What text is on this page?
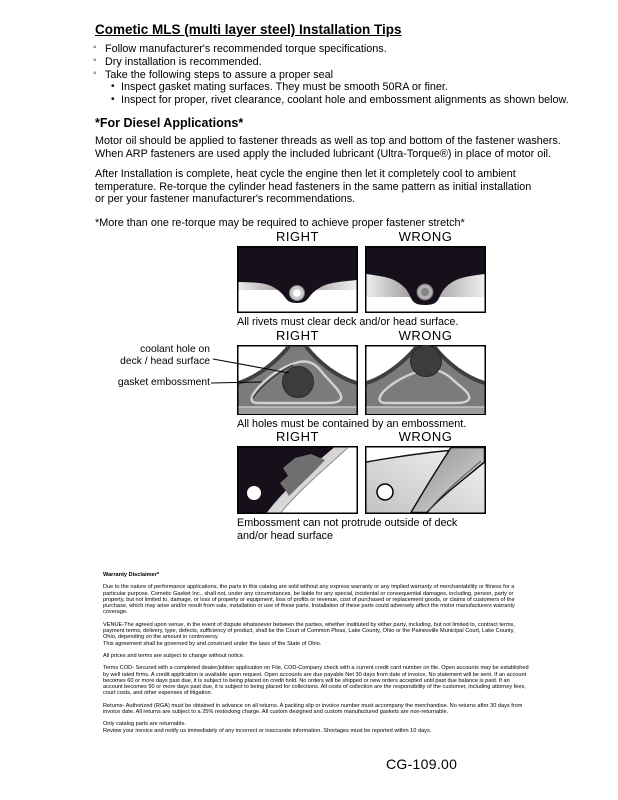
Cometic MLS (multi layer steel) Installation Tips
◦ Follow manufacturer's recommended torque specifications.
◦ Dry installation is recommended.
◦ Take the following steps to assure a proper seal
• Inspect gasket mating surfaces. They must be smooth 50RA or finer.
• Inspect for proper, rivet clearance, coolant hole and embossment alignments as shown below.
*For Diesel Applications*
Motor oil should be applied to fastener threads as well as top and bottom of the fastener washers.
When ARP fasteners are used apply the included lubricant (Ultra-Torque®) in place of motor oil.
After Installation is complete, heat cycle the engine then let it completely cool to ambient
temperature. Re-torque the cylinder head fasteners in the same pattern as initial installation
or per your fastener manufacturer's recommendations.
*More than one re-torque may be required to achieve proper fastener stretch*
RIGHT	WRONG
All rivets must clear deck and/or head surface.
RIGHT	WRONG
All holes must be contained by an embossment.
coolant hole on
deck / head surface
gasket embossment
RIGHT	WRONG
Embossment can not protrude outside of deck
and/or head surface

Warranty Disclaimer*

Due to the nature of performance applications, the parts in this catalog are sold without any express warranty or any implied warranty of merchantability or fitness for a particular purpose. Cometic Gasket Inc., shall not, under any circumstances, be liable for any special, incidental or consequential damages, including, person, party or property, but not limited to, damage, or loss of property or equipment, loss of profits or revenue, cost of purchased or replacement goods, or claims of customers of the purchase, which may arise and/or result from sale, installation or use of these parts. Installation of these parts could adversely affect the motor manufacturers warranty coverage.

VENUE-The agreed upon venue, in the event of dispute whatsoever between the parties, whether instituted by either party, including, but not limited to, contract terms, payment terms, delivery, type, defects, sufficiency of product, shall be the Court of Common Pleas, Lake County, Ohio or the Painesville Municipal Court, Lake County, Ohio, depending on the amount in controversy.

This agreement shall be governed by and construed under the laws of the State of Ohio.

All prices and terms are subject to change without notice.

Terms COD- Secured with a completed dealer/jobber application on File, COD-Company check with a current credit card number on file. Open accounts may be established by well rated firms. A credit application is available upon request. Open accounts are due payable Net 30 days from date of invoice. No statement will be sent. If an account becomes 60 or more days past due, it is subject to being placed on credit hold. No orders will be shipped or new orders accepted until past due balance is paid. If an account becomes 90 or more days past due, it is subject to being placed for collections. All costs of collection are the responsibility of the customer, including attorney fees, court costs, and other expenses of litigation.

Returns- Authorized (RGA) must be obtained in advance on all returns. A packing slip or invoice number must accompany the merchandise. No returns after 30 days from invoice date. All returns are subject to a 25% restocking charge. All custom designed and custom manufactured gaskets are non-returnable.

Only catalog parts are returnable.

Review your invoice and notify us immediately of any incorrect or inaccurate information. Shortages must be reported within 10 days.

CG-109.00
